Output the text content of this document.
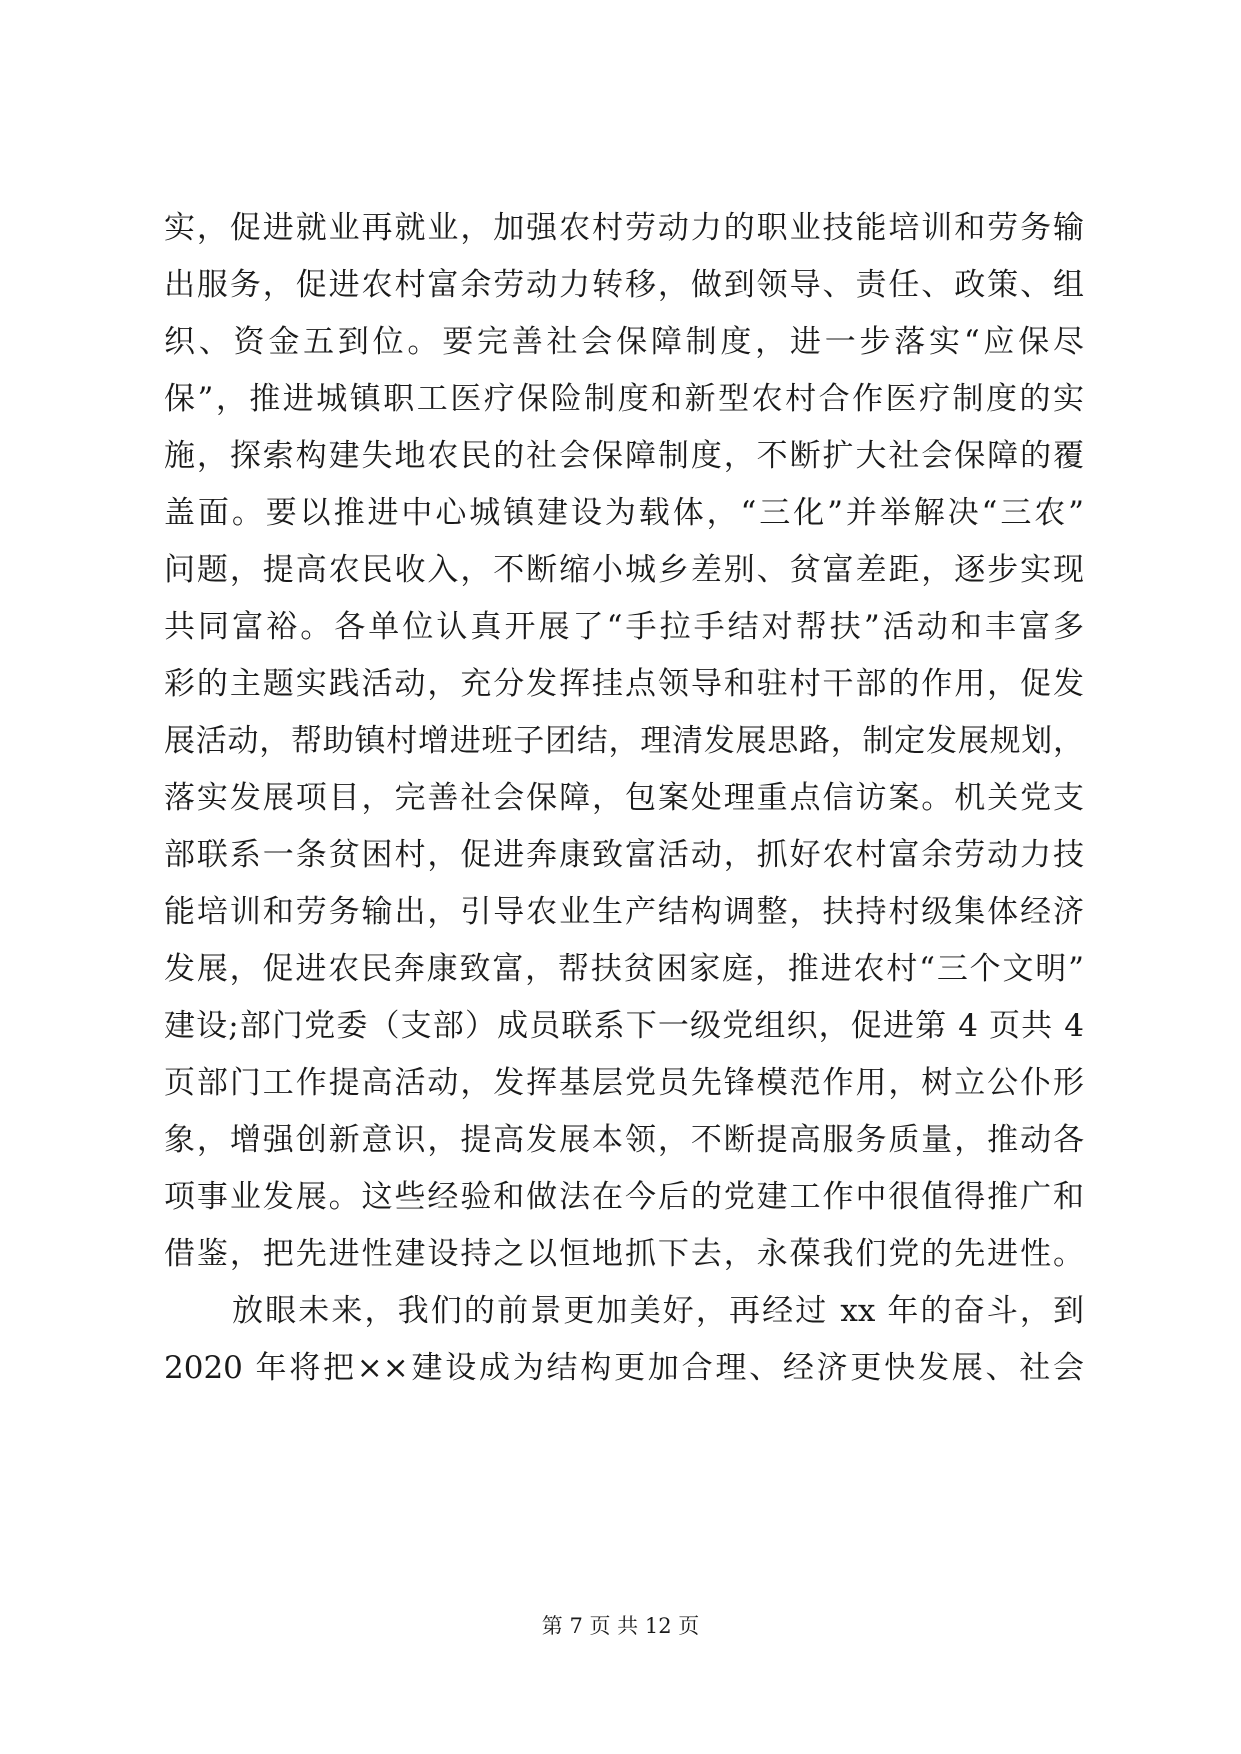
实，促进就业再就业，加强农村劳动力的职业技能培训和劳务输
出服务，促进农村富余劳动力转移，做到领导、责任、政策、组
织、资金五到位。要完善社会保障制度，进一步落实“应保尽
保”，推进城镇职工医疗保险制度和新型农村合作医疗制度的实
施，探索构建失地农民的社会保障制度，不断扩大社会保障的覆
盖面。要以推进中心城镇建设为载体，“三化”并举解决“三农”
问题，提高农民收入，不断缩小城乡差别、贫富差距，逐步实现
共同富裕。各单位认真开展了“手拉手结对帮扶”活动和丰富多
彩的主题实践活动，充分发挥挂点领导和驻村干部的作用，促发
展活动，帮助镇村增进班子团结，理清发展思路，制定发展规划，
落实发展项目，完善社会保障，包案处理重点信访案。机关党支
部联系一条贫困村，促进奔康致富活动，抓好农村富余劳动力技
能培训和劳务输出，引导农业生产结构调整，扶持村级集体经济
发展，促进农民奔康致富，帮扶贫困家庭，推进农村“三个文明”
建设;部门党委（支部）成员联系下一级党组织，促进第 4 页共 4
页部门工作提高活动，发挥基层党员先锋模范作用，树立公仆形
象，增强创新意识，提高发展本领，不断提高服务质量，推动各
项事业发展。这些经验和做法在今后的党建工作中很值得推广和
借鉴，把先进性建设持之以恒地抓下去，永葆我们党的先进性。
放眼未来，我们的前景更加美好，再经过 xx 年的奋斗，到
2020 年将把××建设成为结构更加合理、经济更快发展、社会
第 7 页 共 12 页
